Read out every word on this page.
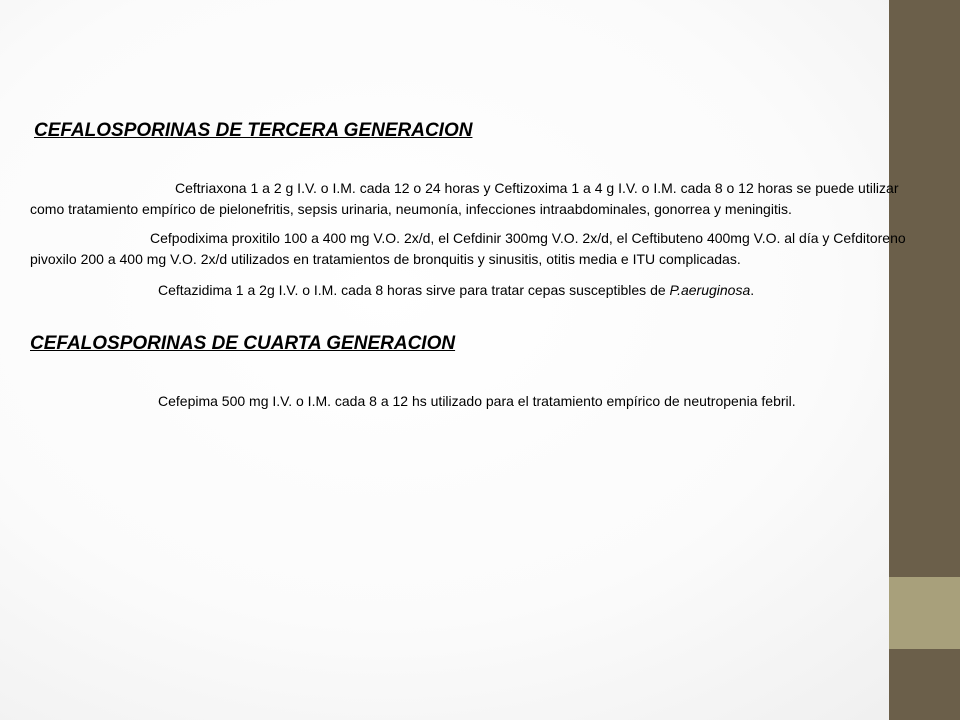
CEFALOSPORINAS DE TERCERA GENERACION

Ceftriaxona 1 a 2 g I.V. o I.M. cada 12 o 24 horas y Ceftizoxima 1 a 4 g I.V. o I.M. cada 8 o 12 horas se puede utilizar como tratamiento empírico de pielonefritis, sepsis urinaria, neumonía, infecciones intraabdominales, gonorrea y meningitis.

Cefpodixima proxitilo 100 a 400 mg V.O. 2x/d, el Cefdinir 300mg V.O. 2x/d, el Ceftibuteno 400mg V.O. al día y Cefditoreno pivoxilo 200 a 400 mg V.O. 2x/d utilizados en tratamientos de bronquitis y sinusitis, otitis media e ITU complicadas.

Ceftazidima 1 a 2g I.V. o I.M. cada 8 horas sirve para tratar cepas susceptibles de P.aeruginosa.

CEFALOSPORINAS DE CUARTA GENERACION

Cefepima 500 mg I.V. o I.M. cada 8 a 12 hs utilizado para el tratamiento empírico de neutropenia febril.
